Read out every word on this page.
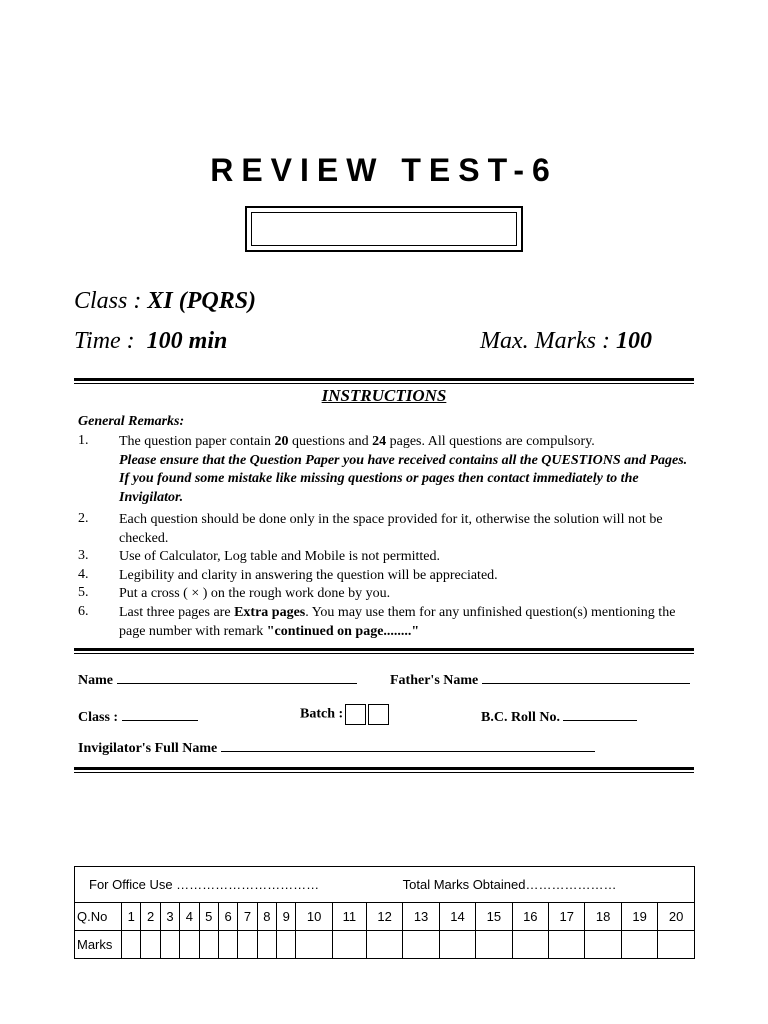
REVIEW TEST-6
Class : XI (PQRS)
Time : 100 min	Max. Marks : 100
INSTRUCTIONS
General Remarks:
1. The question paper contain 20 questions and 24 pages. All questions are compulsory.
Please ensure that the Question Paper you have received contains all the QUESTIONS and Pages. If you found some mistake like missing questions or pages then contact immediately to the Invigilator.
2. Each question should be done only in the space provided for it, otherwise the solution will not be checked.
3. Use of Calculator, Log table and Mobile is not permitted.
4. Legibility and clarity in answering the question will be appreciated.
5. Put a cross ( × ) on the rough work done by you.
6. Last three pages are Extra pages. You may use them for any unfinished question(s) mentioning the page number with remark "continued on page........"
Name	Father's Name
Class :	Batch :	B.C. Roll No.
Invigilator's Full Name
For Office Use …………………………… Total Marks Obtained…………………																				
Q.No	1	2	3	4	5	6	7	8	9	10	11	12	13	14	15	16	17	18	19	20
Marks																				
